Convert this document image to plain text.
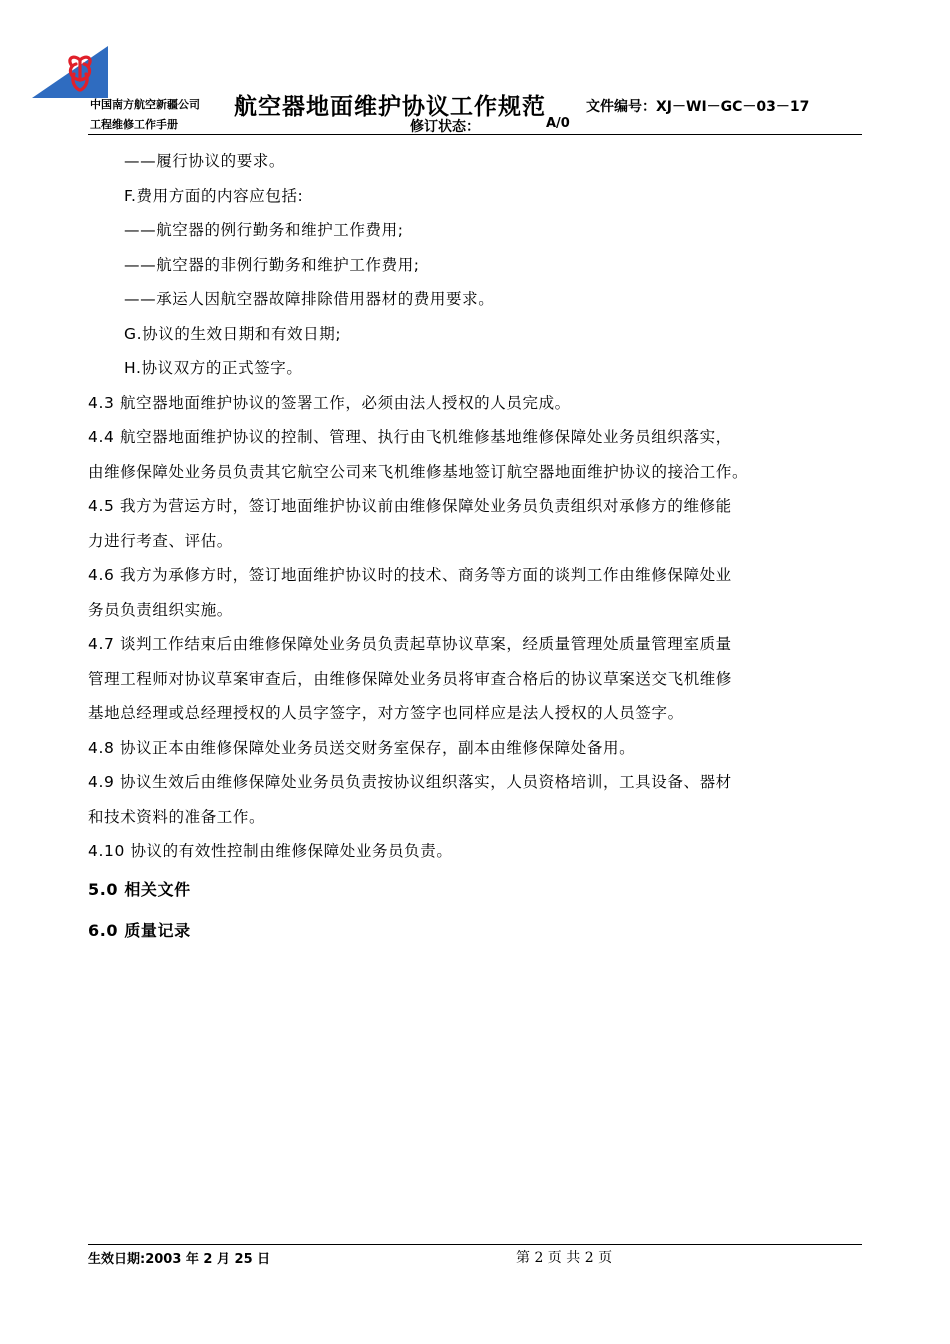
中国南方航空新疆公司
工程维修工作手册
航空器地面维护协议工作规范	文件编号：XJ－WI－GC－03－17
修订状态：	A/0
——履行协议的要求。
F.费用方面的内容应包括:
——航空器的例行勤务和维护工作费用;
——航空器的非例行勤务和维护工作费用;
——承运人因航空器故障排除借用器材的费用要求。
G.协议的生效日期和有效日期;
H.协议双方的正式签字。
4.3 航空器地面维护协议的签署工作，必须由法人授权的人员完成。
4.4 航空器地面维护协议的控制、管理、执行由飞机维修基地维修保障处业务员组织落实，
由维修保障处业务员负责其它航空公司来飞机维修基地签订航空器地面维护协议的接洽工作。
4.5 我方为营运方时，签订地面维护协议前由维修保障处业务员负责组织对承修方的维修能
力进行考查、评估。
4.6 我方为承修方时，签订地面维护协议时的技术、商务等方面的谈判工作由维修保障处业
务员负责组织实施。
4.7 谈判工作结束后由维修保障处业务员负责起草协议草案，经质量管理处质量管理室质量
管理工程师对协议草案审查后，由维修保障处业务员将审查合格后的协议草案送交飞机维修
基地总经理或总经理授权的人员字签字，对方签字也同样应是法人授权的人员签字。
4.8 协议正本由维修保障处业务员送交财务室保存，副本由维修保障处备用。
4.9 协议生效后由维修保障处业务员负责按协议组织落实，人员资格培训，工具设备、器材
和技术资料的准备工作。
4.10 协议的有效性控制由维修保障处业务员负责。
5.0 相关文件
6.0 质量记录
生效日期:2003 年 2 月 25 日	第 2 页 共 2 页
